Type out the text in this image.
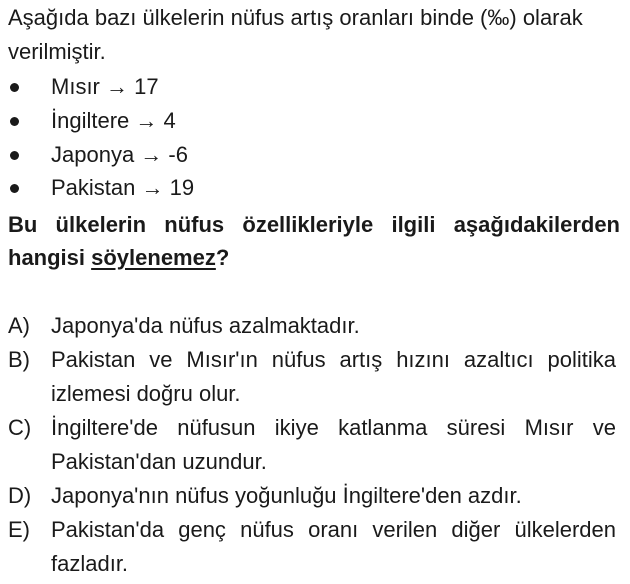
Aşağıda bazı ülkelerin nüfus artış oranları binde (‰) olarak
verilmiştir.
Mısır → 17
İngiltere → 4
Japonya → -6
Pakistan → 19
Bu ülkelerin nüfus özellikleriyle ilgili aşağıdakilerden
hangisi söylenemez?
A) Japonya'da nüfus azalmaktadır.
B) Pakistan ve Mısır'ın nüfus artış hızını azaltıcı politika izlemesi doğru olur.
C) İngiltere'de nüfusun ikiye katlanma süresi Mısır ve Pakistan'dan uzundur.
D) Japonya'nın nüfus yoğunluğu İngiltere'den azdır.
E) Pakistan'da genç nüfus oranı verilen diğer ülkelerden fazladır.
